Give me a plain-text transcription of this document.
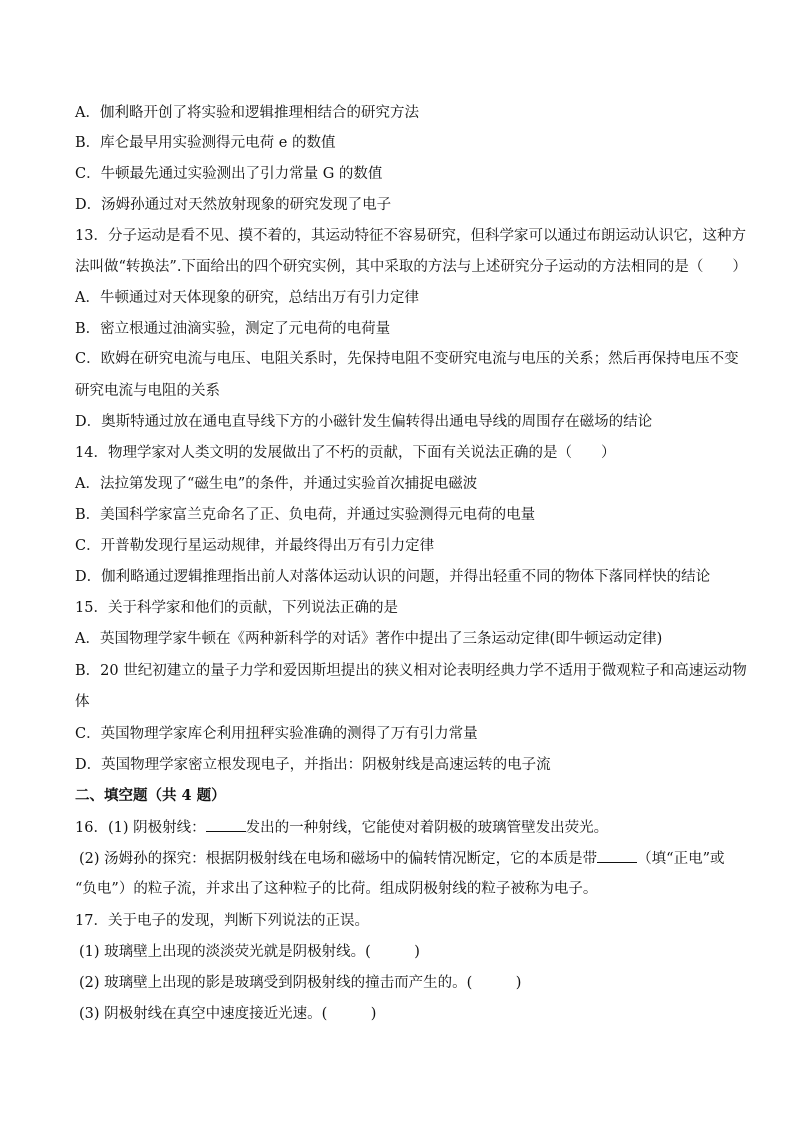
A．伽利略开创了将实验和逻辑推理相结合的研究方法
B．库仑最早用实验测得元电荷 e 的数值
C．牛顿最先通过实验测出了引力常量 G 的数值
D．汤姆孙通过对天然放射现象的研究发现了电子
13．分子运动是看不见、摸不着的，其运动特征不容易研究，但科学家可以通过布朗运动认识它，这种方
法叫做“转换法”.下面给出的四个研究实例，其中采取的方法与上述研究分子运动的方法相同的是（　　）
A．牛顿通过对天体现象的研究，总结出万有引力定律
B．密立根通过油滴实验，测定了元电荷的电荷量
C．欧姆在研究电流与电压、电阻关系时，先保持电阻不变研究电流与电压的关系；然后再保持电压不变
研究电流与电阻的关系
D．奥斯特通过放在通电直导线下方的小磁针发生偏转得出通电导线的周围存在磁场的结论
14．物理学家对人类文明的发展做出了不朽的贡献，下面有关说法正确的是（　　）
A．法拉第发现了“磁生电”的条件，并通过实验首次捕捉电磁波
B．美国科学家富兰克命名了正、负电荷，并通过实验测得元电荷的电量
C．开普勒发现行星运动规律，并最终得出万有引力定律
D．伽利略通过逻辑推理指出前人对落体运动认识的问题，并得出轻重不同的物体下落同样快的结论
15．关于科学家和他们的贡献，下列说法正确的是
A．英国物理学家牛顿在《两种新科学的对话》著作中提出了三条运动定律(即牛顿运动定律)
B．20 世纪初建立的量子力学和爱因斯坦提出的狭义相对论表明经典力学不适用于微观粒子和高速运动物
体
C．英国物理学家库仑利用扭秤实验准确的测得了万有引力常量
D．英国物理学家密立根发现电子，并指出：阴极射线是高速运转的电子流
二、填空题（共 4 题）
16．(1) 阴极射线：	发出的一种射线，它能使对着阴极的玻璃管壁发出荧光。
(2) 汤姆孙的探究：根据阴极射线在电场和磁场中的偏转情况断定，它的本质是带	（填“正电”或
“负电”）的粒子流，并求出了这种粒子的比荷。组成阴极射线的粒子被称为电子。
17．关于电子的发现，判断下列说法的正误。
(1) 玻璃壁上出现的淡淡荧光就是阴极射线。(　　　)
(2) 玻璃壁上出现的影是玻璃受到阴极射线的撞击而产生的。(　　　)
(3) 阴极射线在真空中速度接近光速。(　　　)
